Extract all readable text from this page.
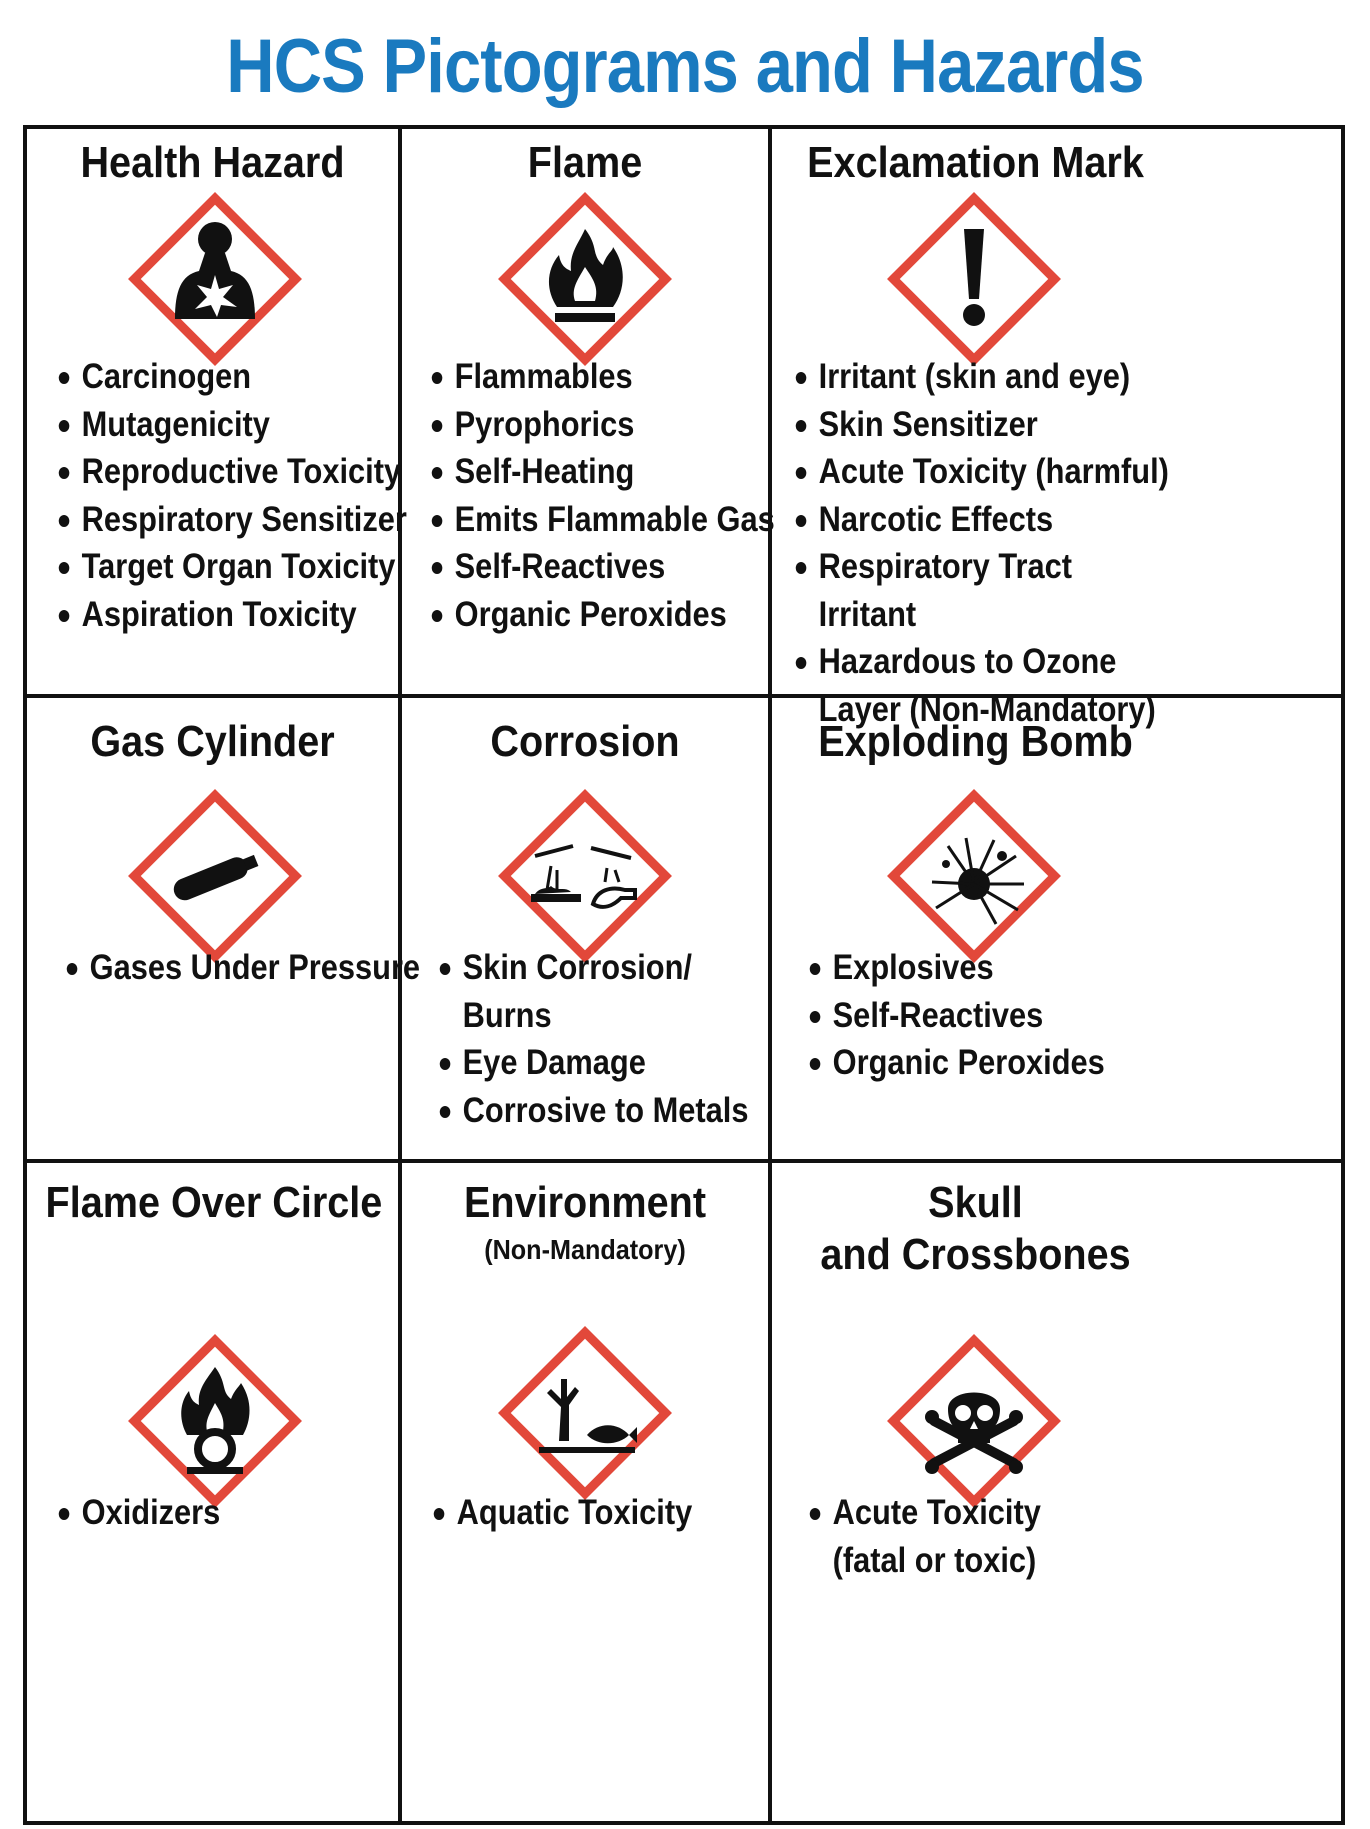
HCS Pictograms and Hazards
Health Hazard
Carcinogen
Mutagenicity
Reproductive Toxicity
Respiratory Sensitizer
Target Organ Toxicity
Aspiration Toxicity
Flame
Flammables
Pyrophorics
Self-Heating
Emits Flammable Gas
Self-Reactives
Organic Peroxides
Exclamation Mark
Irritant (skin and eye)
Skin Sensitizer
Acute Toxicity (harmful)
Narcotic Effects
Respiratory Tract
Irritant
Hazardous to Ozone
Layer (Non-Mandatory)
Gas Cylinder
Gases Under Pressure
Corrosion
Skin Corrosion/
Burns
Eye Damage
Corrosive to Metals
Exploding Bomb
Explosives
Self-Reactives
Organic Peroxides
Flame Over Circle
Oxidizers
Environment
(Non-Mandatory)
Aquatic Toxicity
Skull
and Crossbones
Acute Toxicity
(fatal or toxic)
